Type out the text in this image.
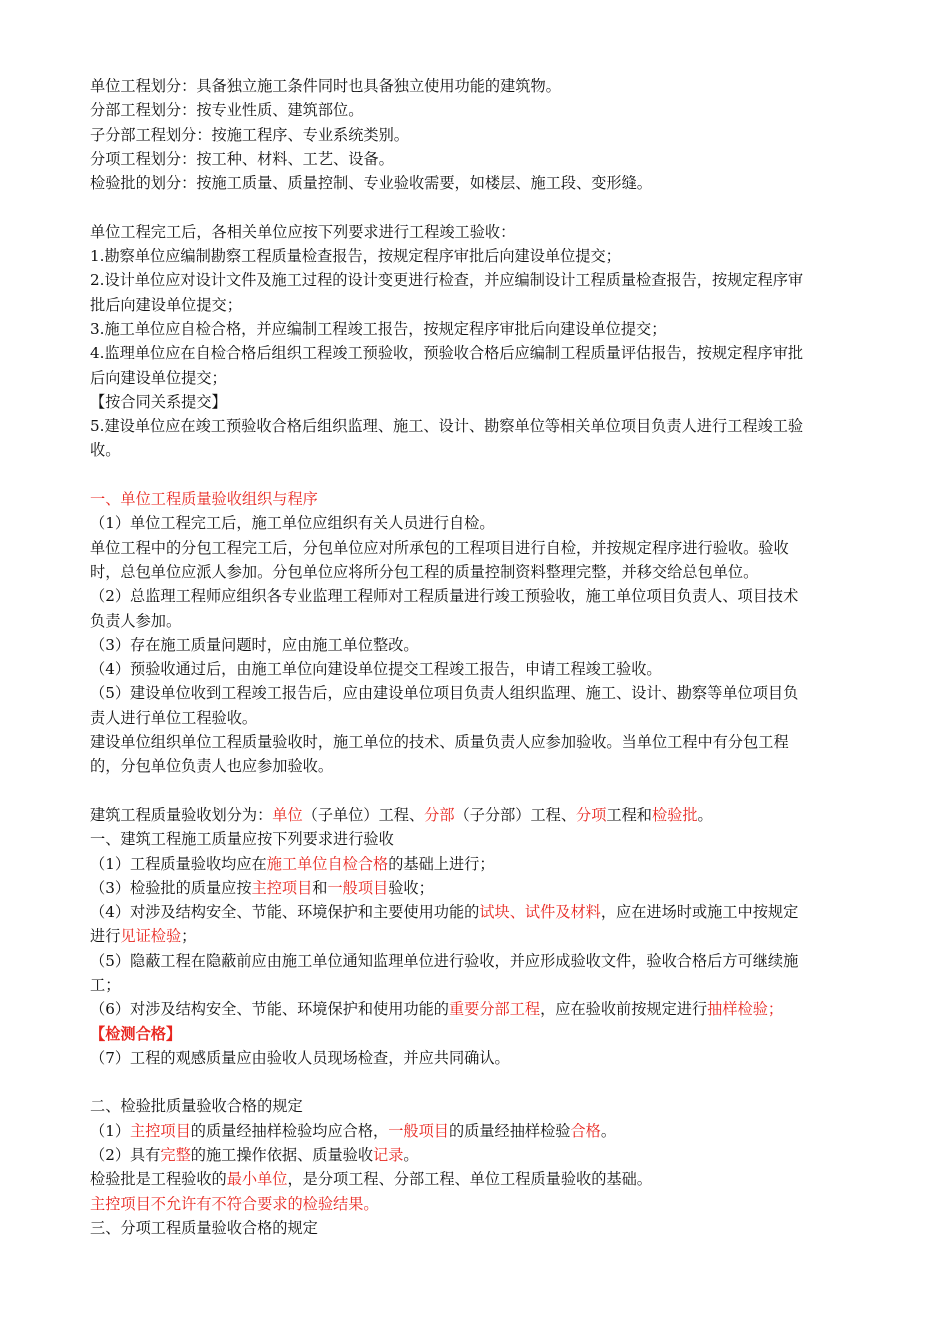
单位工程划分：具备独立施工条件同时也具备独立使用功能的建筑物。
分部工程划分：按专业性质、建筑部位。
子分部工程划分：按施工程序、专业系统类别。
分项工程划分：按工种、材料、工艺、设备。
检验批的划分：按施工质量、质量控制、专业验收需要，如楼层、施工段、变形缝。
单位工程完工后，各相关单位应按下列要求进行工程竣工验收：
1.勘察单位应编制勘察工程质量检查报告，按规定程序审批后向建设单位提交；
2.设计单位应对设计文件及施工过程的设计变更进行检查，并应编制设计工程质量检查报告，按规定程序审
批后向建设单位提交；
3.施工单位应自检合格，并应编制工程竣工报告，按规定程序审批后向建设单位提交；
4.监理单位应在自检合格后组织工程竣工预验收，预验收合格后应编制工程质量评估报告，按规定程序审批
后向建设单位提交；
【按合同关系提交】
5.建设单位应在竣工预验收合格后组织监理、施工、设计、勘察单位等相关单位项目负责人进行工程竣工验
收。
一、单位工程质量验收组织与程序
（1）单位工程完工后，施工单位应组织有关人员进行自检。
单位工程中的分包工程完工后，分包单位应对所承包的工程项目进行自检，并按规定程序进行验收。验收
时，总包单位应派人参加。分包单位应将所分包工程的质量控制资料整理完整，并移交给总包单位。
（2）总监理工程师应组织各专业监理工程师对工程质量进行竣工预验收，施工单位项目负责人、项目技术
负责人参加。
（3）存在施工质量问题时，应由施工单位整改。
（4）预验收通过后，由施工单位向建设单位提交工程竣工报告，申请工程竣工验收。
（5）建设单位收到工程竣工报告后，应由建设单位项目负责人组织监理、施工、设计、勘察等单位项目负
责人进行单位工程验收。
建设单位组织单位工程质量验收时，施工单位的技术、质量负责人应参加验收。当单位工程中有分包工程
的，分包单位负责人也应参加验收。
建筑工程质量验收划分为：单位（子单位）工程、分部（子分部）工程、分项工程和检验批。
一、建筑工程施工质量应按下列要求进行验收
（1）工程质量验收均应在施工单位自检合格的基础上进行；
（3）检验批的质量应按主控项目和一般项目验收；
（4）对涉及结构安全、节能、环境保护和主要使用功能的试块、试件及材料，应在进场时或施工中按规定
进行见证检验；
（5）隐蔽工程在隐蔽前应由施工单位通知监理单位进行验收，并应形成验收文件，验收合格后方可继续施
工；
（6）对涉及结构安全、节能、环境保护和使用功能的重要分部工程，应在验收前按规定进行抽样检验；
【检测合格】
（7）工程的观感质量应由验收人员现场检查，并应共同确认。
二、检验批质量验收合格的规定
（1）主控项目的质量经抽样检验均应合格，一般项目的质量经抽样检验合格。
（2）具有完整的施工操作依据、质量验收记录。
检验批是工程验收的最小单位，是分项工程、分部工程、单位工程质量验收的基础。
主控项目不允许有不符合要求的检验结果。
三、分项工程质量验收合格的规定
